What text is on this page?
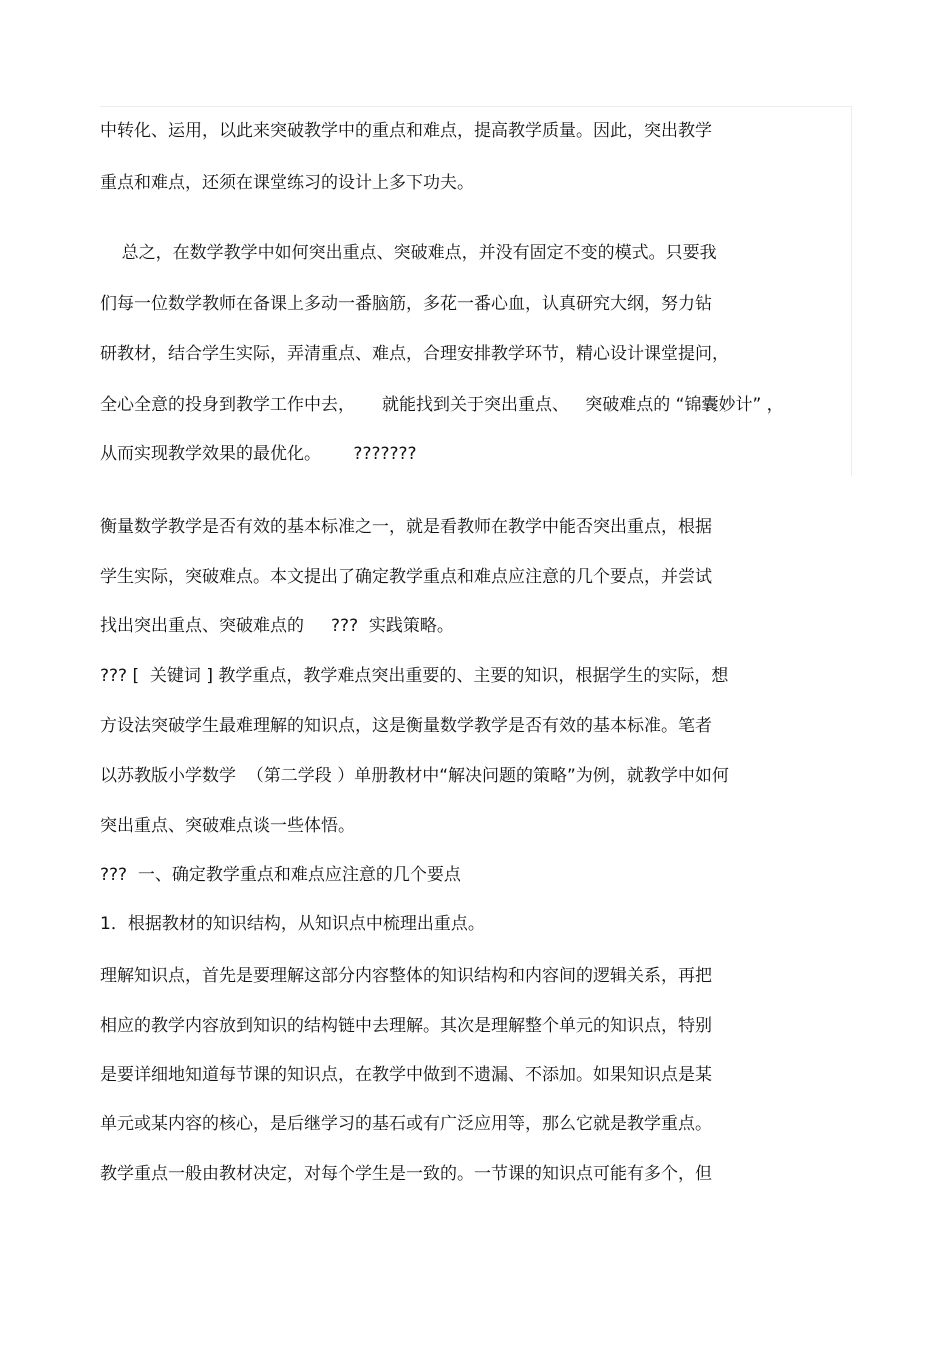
中转化、运用，以此来突破教学中的重点和难点，提高教学质量。因此，突出教学
重点和难点，还须在课堂练习的设计上多下功夫。
总之，在数学教学中如何突出重点、突破难点，并没有固定不变的模式。只要我
们每一位数学教师在备课上多动一番脑筋，多花一番心血，认真研究大纲，努力钻
研教材，结合学生实际，弄清重点、难点，合理安排教学环节，精心设计课堂提问，
全心全意的投身到教学工作中去，     就能找到关于突出重点、   突破难点的 “锦囊妙计” ，
从而实现教学效果的最优化。      ???????
衡量数学教学是否有效的基本标准之一，就是看教师在教学中能否突出重点，根据
学生实际，突破难点。本文提出了确定教学重点和难点应注意的几个要点，并尝试
找出突出重点、突破难点的     ???  实践策略。
??? [  关键词 ] 教学重点，教学难点突出重要的、主要的知识，根据学生的实际，想
方设法突破学生最难理解的知识点，这是衡量数学教学是否有效的基本标准。笔者
以苏教版小学数学  （第二学段 ）单册教材中“解决问题的策略”为例，就教学中如何
突出重点、突破难点谈一些体悟。
???  一、确定教学重点和难点应注意的几个要点
1．根据教材的知识结构，从知识点中梳理出重点。
理解知识点，首先是要理解这部分内容整体的知识结构和内容间的逻辑关系，再把
相应的教学内容放到知识的结构链中去理解。其次是理解整个单元的知识点，特别
是要详细地知道每节课的知识点，在教学中做到不遗漏、不添加。如果知识点是某
单元或某内容的核心，是后继学习的基石或有广泛应用等，那么它就是教学重点。
教学重点一般由教材决定，对每个学生是一致的。一节课的知识点可能有多个，但
